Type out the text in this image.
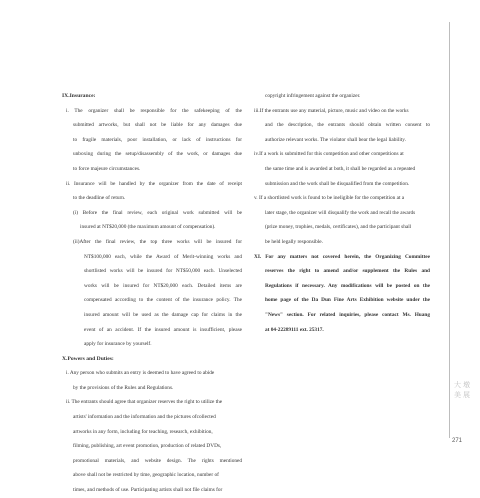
IX.Insurance:
i. The organizer shall be responsible for the safekeeping of the
submitted artworks, but shall not be liable for any damages due
to fragile materials, poor installation, or lack of instructions for
unboxing during the setup/disassembly of the work, or damages due
to force majeure circumstances.
ii. Insurance will be handled by the organizer from the date of receipt
to the deadline of return.
(i) Before the final review, each original work submitted will be
insured at NT$20,000 (the maximum amount of compensation).
(ii)After the final review, the top three works will be insured for
NT$100,000 each, while the Award of Merit-winning works and
shortlisted works will be insured for NT$50,000 each. Unselected
works will be insured for NT$20,000 each. Detailed items are
compensated according to the content of the insurance policy. The
insured amount will be used as the damage cap for claims in the
event of an accident. If the insured amount is insufficient, please
apply for insurance by yourself.
X.Powers and Duties:
i. Any person who submits an entry is deemed to have agreed to abide
by the provisions of the Rules and Regulations.
ii. The entrants should agree that organizer reserves the right to utilize the
artists' information and the information and the pictures ofcollected
artworks in any form, including for teaching, research, exhibition,
filming, publishing, art event promotion, production of related DVDs,
promotional materials, and website design. The rights mentioned
above shall not be restricted by time, geographic location, number of
times, and methods of use. Participating artists shall not file claims for
copyright infringement against the organizer.
iii.If the entrants use any material, picture, music and video on the works
and the description, the entrants should obtain written consent to
authorize relevant works. The violator shall bear the legal liability.
iv.If a work is submitted for this competition and other competitions at
the same time and is awarded at both, it shall be regarded as a repeated
submission and the work shall be disqualified from the competition.
v. If a shortlisted work is found to be ineligible for the competition at a
later stage, the organizer will disqualify the work and recall the awards
(prize money, trophies, medals, certificates), and the participant shall
be held legally responsible.
XI. For any matters not covered herein, the Organizing Committee
reserves the right to amend and/or supplement the Rules and
Regulations if necessary. Any modifications will be posted on the
home page of the Da Dun Fine Arts Exhibition website under the
"News" section. For related inquiries, please contact Ms. Huang
at 04-22289111 ext. 25317.
大 墩美 展
271
